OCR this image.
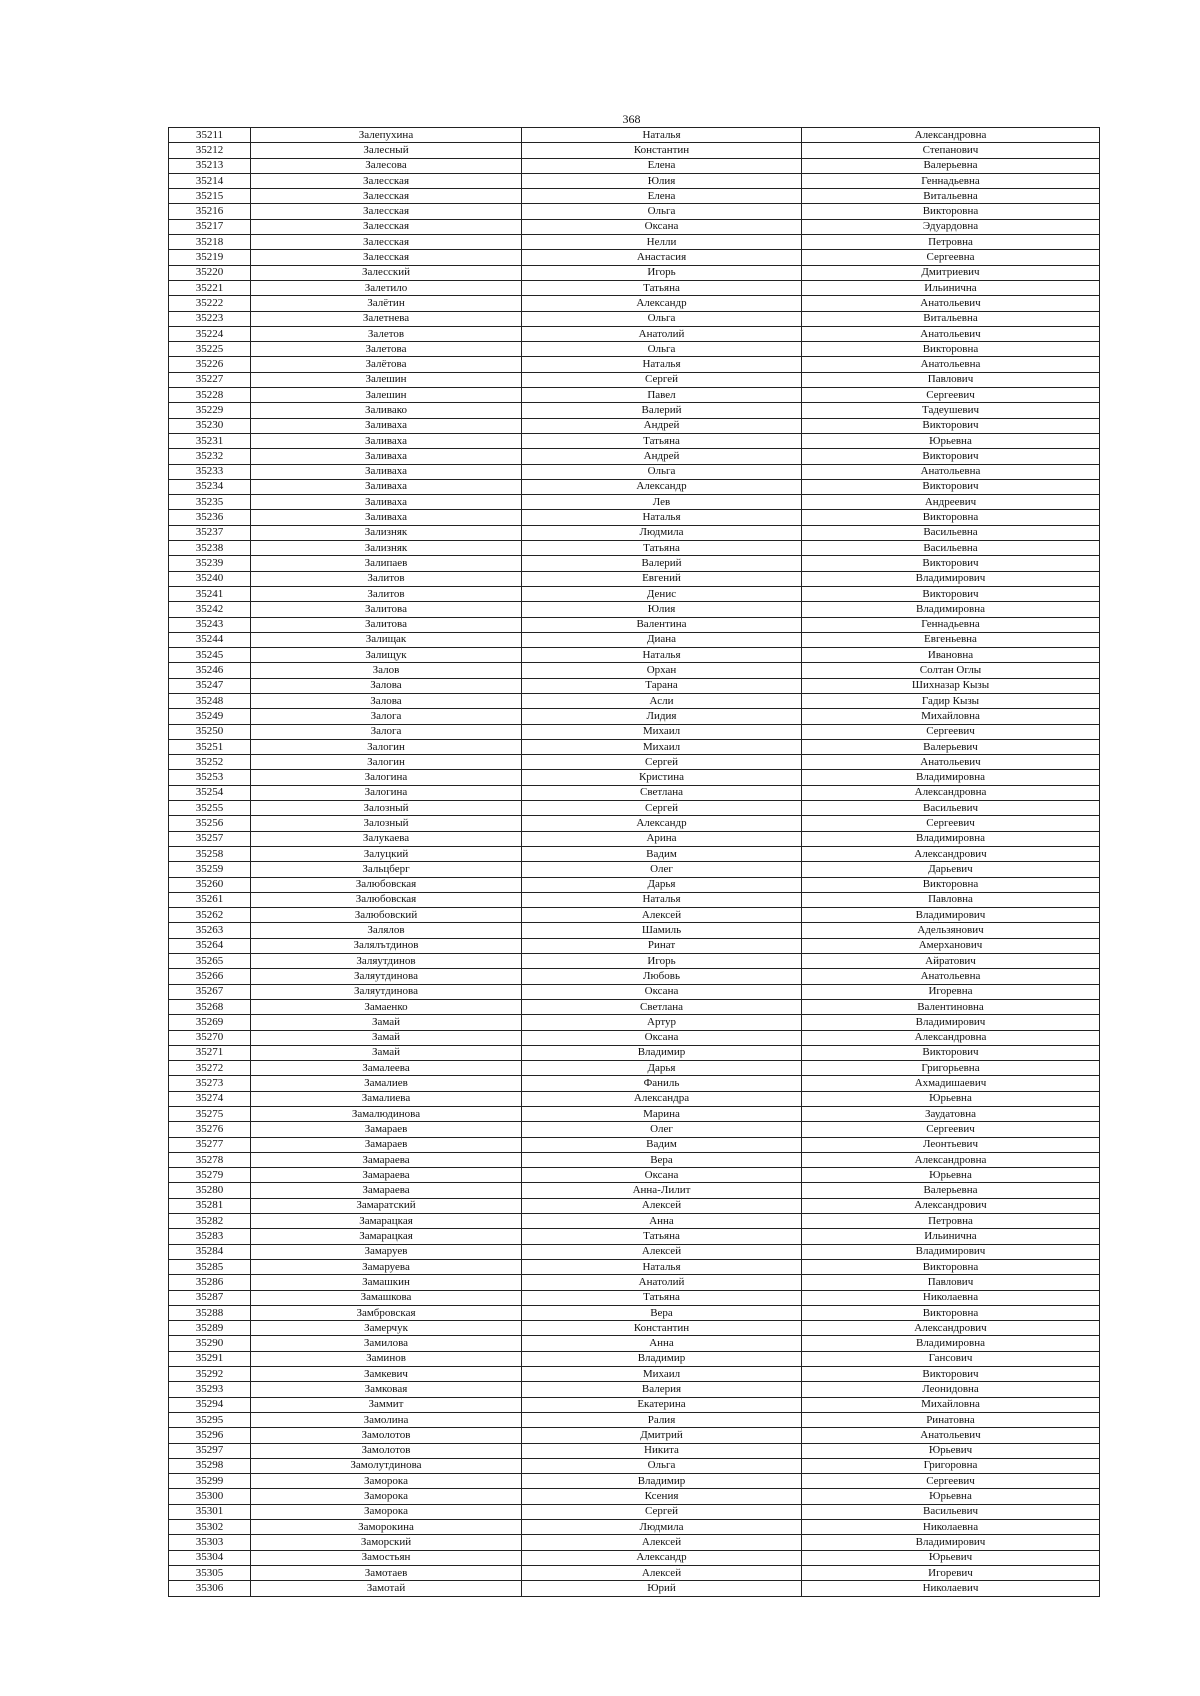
368
35211	Залепухина	Наталья	Александровна
35212	Залесный	Константин	Степанович
35213	Залесова	Елена	Валерьевна
35214	Залесская	Юлия	Геннадьевна
35215	Залесская	Елена	Витальевна
35216	Залесская	Ольга	Викторовна
35217	Залесская	Оксана	Эдуардовна
35218	Залесская	Нелли	Петровна
35219	Залесская	Анастасия	Сергеевна
35220	Залесский	Игорь	Дмитриевич
35221	Залетило	Татьяна	Ильинична
35222	Залётин	Александр	Анатольевич
35223	Залетнева	Ольга	Витальевна
35224	Залетов	Анатолий	Анатольевич
35225	Залетова	Ольга	Викторовна
35226	Залётова	Наталья	Анатольевна
35227	Залешин	Сергей	Павлович
35228	Залешин	Павел	Сергеевич
35229	Заливако	Валерий	Тадеушевич
35230	Заливаха	Андрей	Викторович
35231	Заливаха	Татьяна	Юрьевна
35232	Заливаха	Андрей	Викторович
35233	Заливаха	Ольга	Анатольевна
35234	Заливаха	Александр	Викторович
35235	Заливаха	Лев	Андреевич
35236	Заливаха	Наталья	Викторовна
35237	Зализняк	Людмила	Васильевна
35238	Зализняк	Татьяна	Васильевна
35239	Залипаев	Валерий	Викторович
35240	Залитов	Евгений	Владимирович
35241	Залитов	Денис	Викторович
35242	Залитова	Юлия	Владимировна
35243	Залитова	Валентина	Геннадьевна
35244	Залищак	Диана	Евгеньевна
35245	Залищук	Наталья	Ивановна
35246	Залов	Орхан	Солтан Оглы
35247	Залова	Тарана	Шихназар Кызы
35248	Залова	Асли	Гадир Кызы
35249	Залога	Лидия	Михайловна
35250	Залога	Михаил	Сергеевич
35251	Залогин	Михаил	Валерьевич
35252	Залогин	Сергей	Анатольевич
35253	Залогина	Кристина	Владимировна
35254	Залогина	Светлана	Александровна
35255	Залозный	Сергей	Васильевич
35256	Залозный	Александр	Сергеевич
35257	Залукаева	Арина	Владимировна
35258	Залуцкий	Вадим	Александрович
35259	Зальцберг	Олег	Дарьевич
35260	Залюбовская	Дарья	Викторовна
35261	Залюбовская	Наталья	Павловна
35262	Залюбовский	Алексей	Владимирович
35263	Залялов	Шамиль	Адельзянович
35264	Залялътдинов	Ринат	Амерханович
35265	Заляутдинов	Игорь	Айратович
35266	Заляутдинова	Любовь	Анатольевна
35267	Заляутдинова	Оксана	Игоревна
35268	Замаенко	Светлана	Валентиновна
35269	Замай	Артур	Владимирович
35270	Замай	Оксана	Александровна
35271	Замай	Владимир	Викторович
35272	Замалеева	Дарья	Григорьевна
35273	Замалиев	Фаниль	Ахмадишаевич
35274	Замалиева	Александра	Юрьевна
35275	Замалюдинова	Марина	Заудатовна
35276	Замараев	Олег	Сергеевич
35277	Замараев	Вадим	Леонтьевич
35278	Замараева	Вера	Александровна
35279	Замараева	Оксана	Юрьевна
35280	Замараева	Анна-Лилит	Валерьевна
35281	Замаратский	Алексей	Александрович
35282	Замарацкая	Анна	Петровна
35283	Замарацкая	Татьяна	Ильинична
35284	Замаруев	Алексей	Владимирович
35285	Замаруева	Наталья	Викторовна
35286	Замашкин	Анатолий	Павлович
35287	Замашкова	Татьяна	Николаевна
35288	Замбровская	Вера	Викторовна
35289	Замерчук	Константин	Александрович
35290	Замилова	Анна	Владимировна
35291	Заминов	Владимир	Гансович
35292	Замкевич	Михаил	Викторович
35293	Замковая	Валерия	Леонидовна
35294	Заммит	Екатерина	Михайловна
35295	Замолина	Ралия	Ринатовна
35296	Замолотов	Дмитрий	Анатольевич
35297	Замолотов	Никита	Юрьевич
35298	Замолутдинова	Ольга	Григоровна
35299	Заморока	Владимир	Сергеевич
35300	Заморока	Ксения	Юрьевна
35301	Заморока	Сергей	Васильевич
35302	Заморокина	Людмила	Николаевна
35303	Заморский	Алексей	Владимирович
35304	Замостьян	Александр	Юрьевич
35305	Замотаев	Алексей	Игоревич
35306	Замотай	Юрий	Николаевич
